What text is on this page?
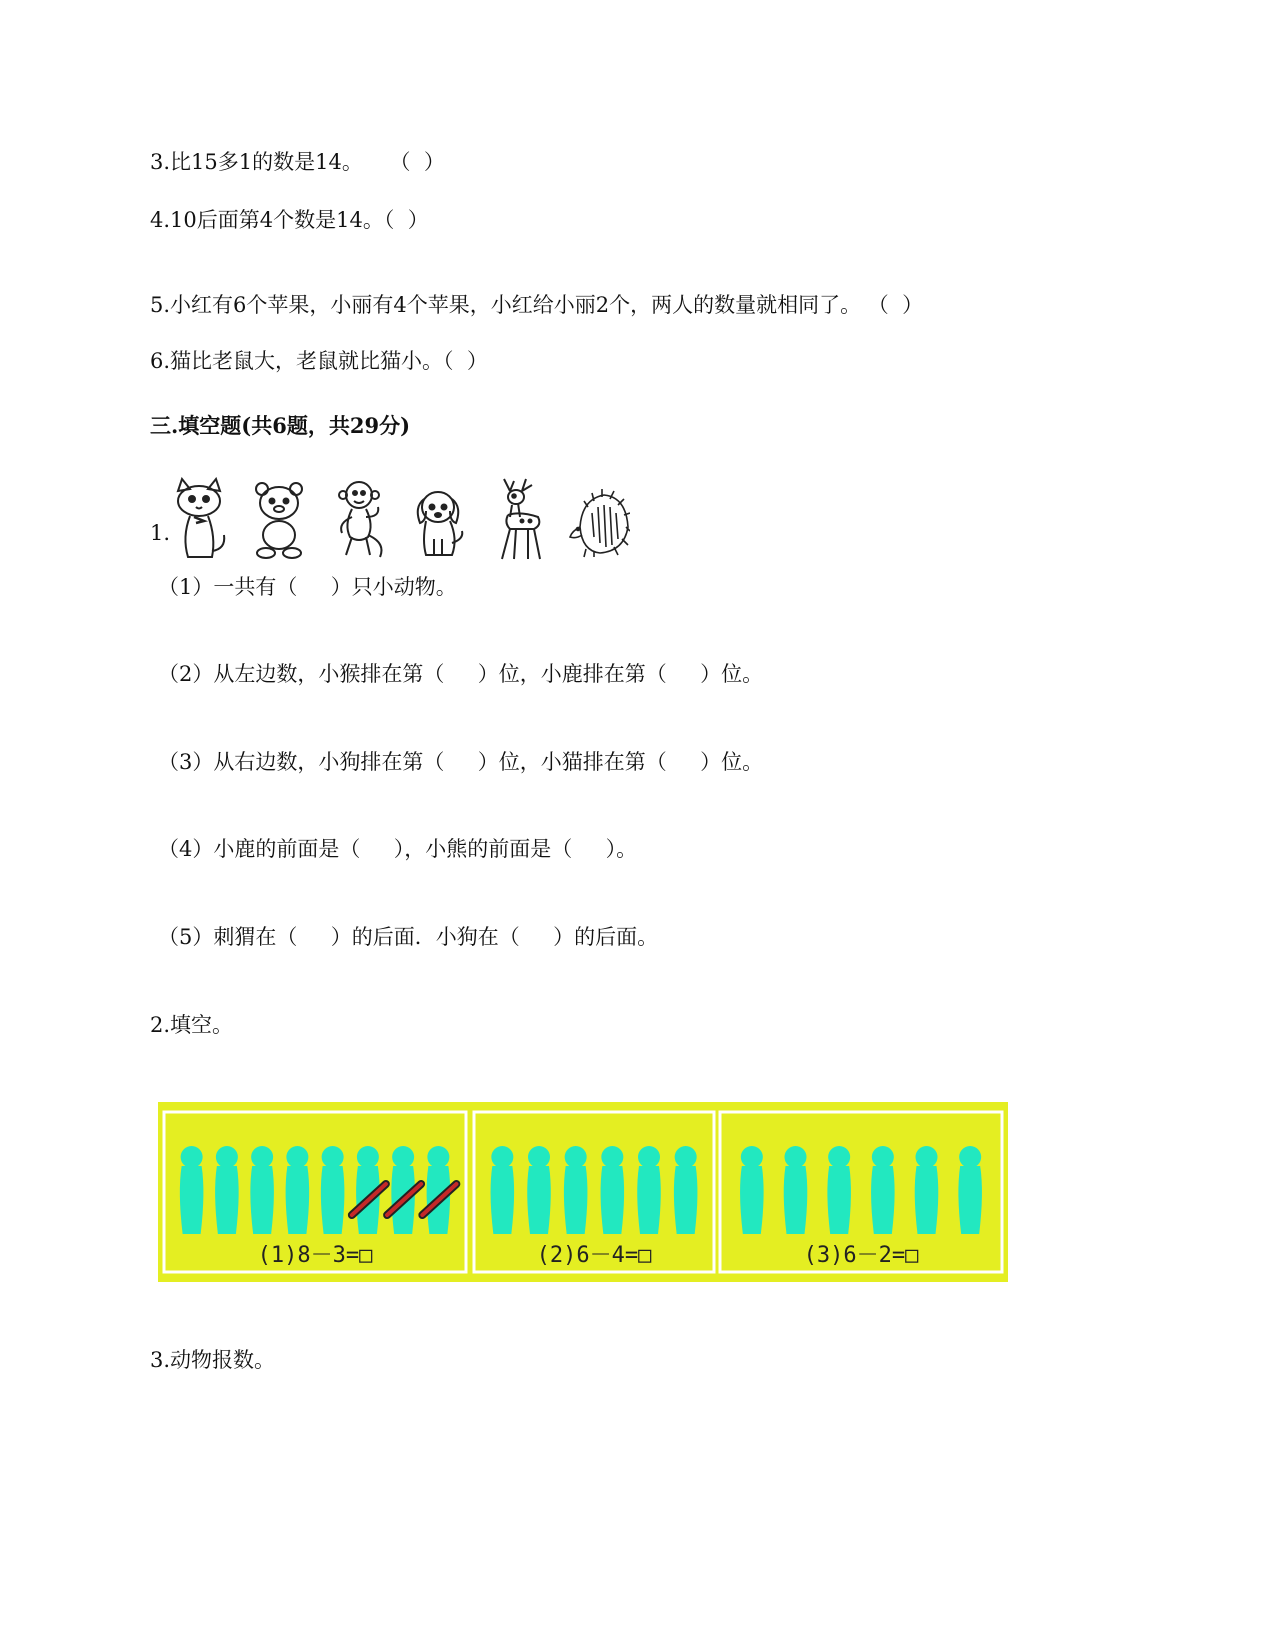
3.比15多1的数是14。    （  ）
4.10后面第4个数是14。（  ）
5.小红有6个苹果，小丽有4个苹果，小红给小丽2个，两人的数量就相同了。 （  ）
6.猫比老鼠大，老鼠就比猫小。（  ）
三.填空题(共6题，共29分)
1.
（1）一共有（     ）只小动物。
（2）从左边数，小猴排在第（     ）位，小鹿排在第（     ）位。
（3）从右边数，小狗排在第（     ）位，小猫排在第（     ）位。
（4）小鹿的前面是（     ），小熊的前面是（     ）。
（5）刺猬在（     ）的后面．小狗在（     ）的后面。
2.填空。
(1)8－3=□	(2)6－4=□	(3)6－2=□
3.动物报数。
